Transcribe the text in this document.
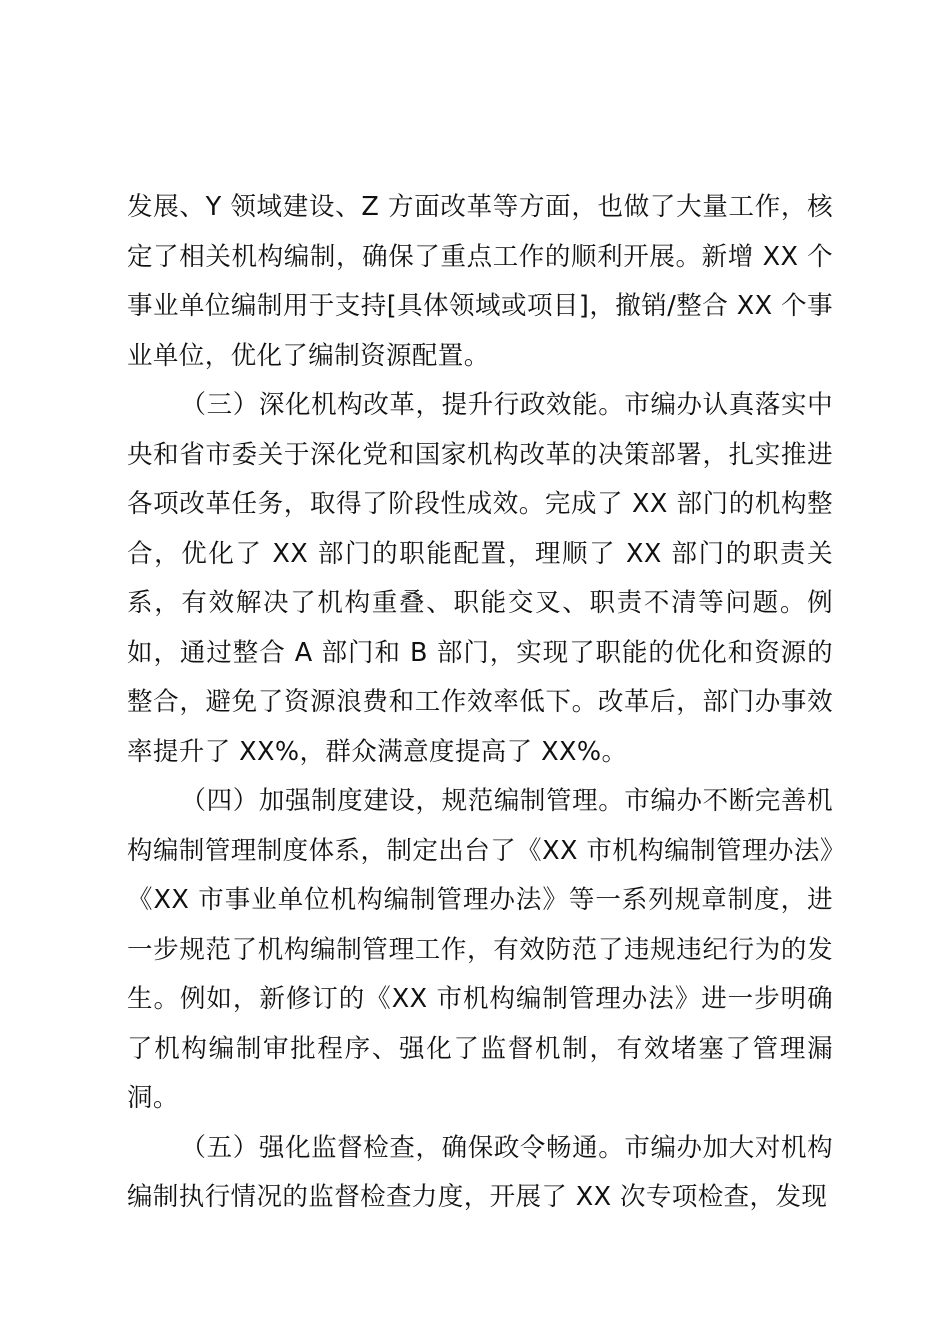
发展、Y 领域建设、Z 方面改革等方面，也做了大量工作，核定了相关机构编制，确保了重点工作的顺利开展。新增 XX 个事业单位编制用于支持[具体领域或项目]，撤销/整合 XX 个事业单位，优化了编制资源配置。

（三）深化机构改革，提升行政效能。市编办认真落实中央和省市委关于深化党和国家机构改革的决策部署，扎实推进各项改革任务，取得了阶段性成效。完成了 XX 部门的机构整合，优化了 XX 部门的职能配置，理顺了 XX 部门的职责关系，有效解决了机构重叠、职能交叉、职责不清等问题。例如，通过整合 A 部门和 B 部门，实现了职能的优化和资源的整合，避免了资源浪费和工作效率低下。改革后，部门办事效率提升了 XX%，群众满意度提高了 XX%。

（四）加强制度建设，规范编制管理。市编办不断完善机构编制管理制度体系，制定出台了《XX 市机构编制管理办法》《XX 市事业单位机构编制管理办法》等一系列规章制度，进一步规范了机构编制管理工作，有效防范了违规违纪行为的发生。例如，新修订的《XX 市机构编制管理办法》进一步明确了机构编制审批程序、强化了监督机制，有效堵塞了管理漏洞。

（五）强化监督检查，确保政令畅通。市编办加大对机构编制执行情况的监督检查力度，开展了 XX 次专项检查，发现
